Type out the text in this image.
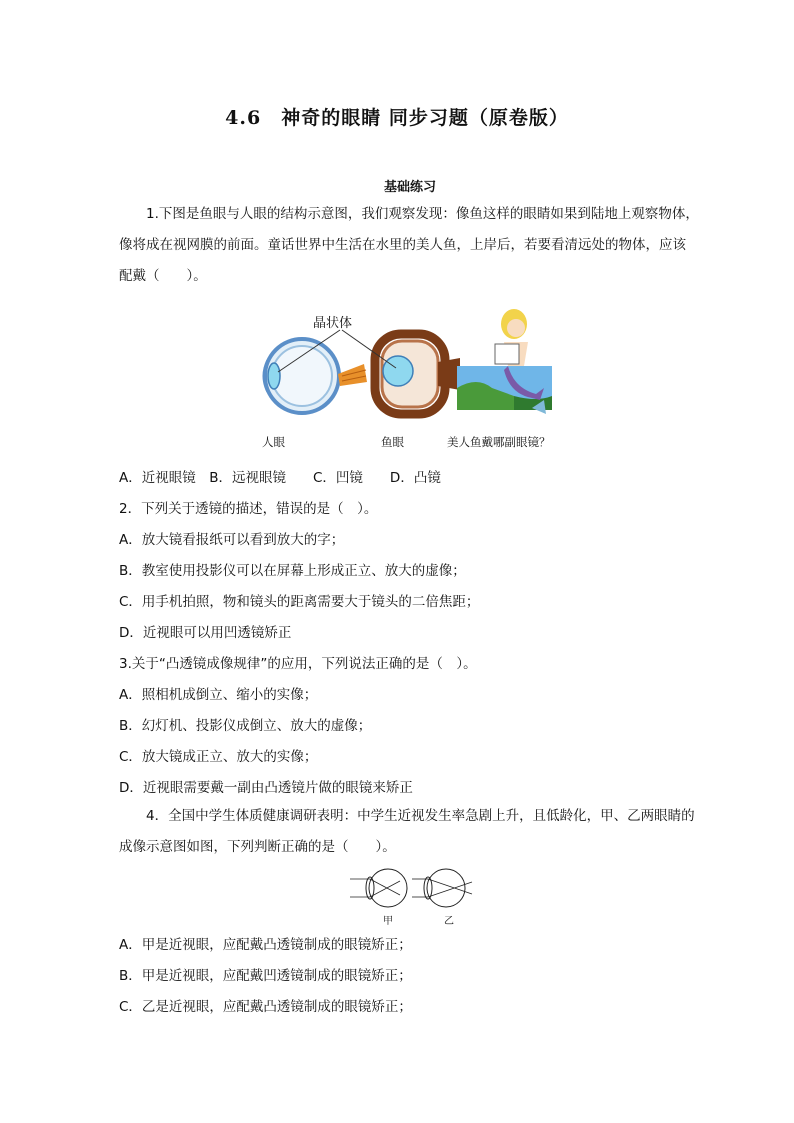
4.6　神奇的眼睛 同步习题（原卷版）
基础练习
1.下图是鱼眼与人眼的结构示意图，我们观察发现：像鱼这样的眼睛如果到陆地上观察物体，像将成在视网膜的前面。童话世界中生活在水里的美人鱼，上岸后，若要看清远处的物体，应该配戴（　　）。
晶状体
人眼	鱼眼	美人鱼戴哪副眼镜？
A．近视眼镜　B．远视眼镜　　C．凹镜　　D．凸镜
2．下列关于透镜的描述，错误的是（　）。
A．放大镜看报纸可以看到放大的字；
B．教室使用投影仪可以在屏幕上形成正立、放大的虚像；
C．用手机拍照，物和镜头的距离需要大于镜头的二倍焦距；
D．近视眼可以用凹透镜矫正
3.关于“凸透镜成像规律”的应用，下列说法正确的是（　）。
A．照相机成倒立、缩小的实像；
B．幻灯机、投影仪成倒立、放大的虚像；
C．放大镜成正立、放大的实像；
D．近视眼需要戴一副由凸透镜片做的眼镜来矫正
4．全国中学生体质健康调研表明：中学生近视发生率急剧上升，且低龄化，甲、乙两眼睛的成像示意图如图，下列判断正确的是（　　）。
甲	乙
A．甲是近视眼，应配戴凸透镜制成的眼镜矫正；
B．甲是近视眼，应配戴凹透镜制成的眼镜矫正；
C．乙是近视眼，应配戴凸透镜制成的眼镜矫正；
